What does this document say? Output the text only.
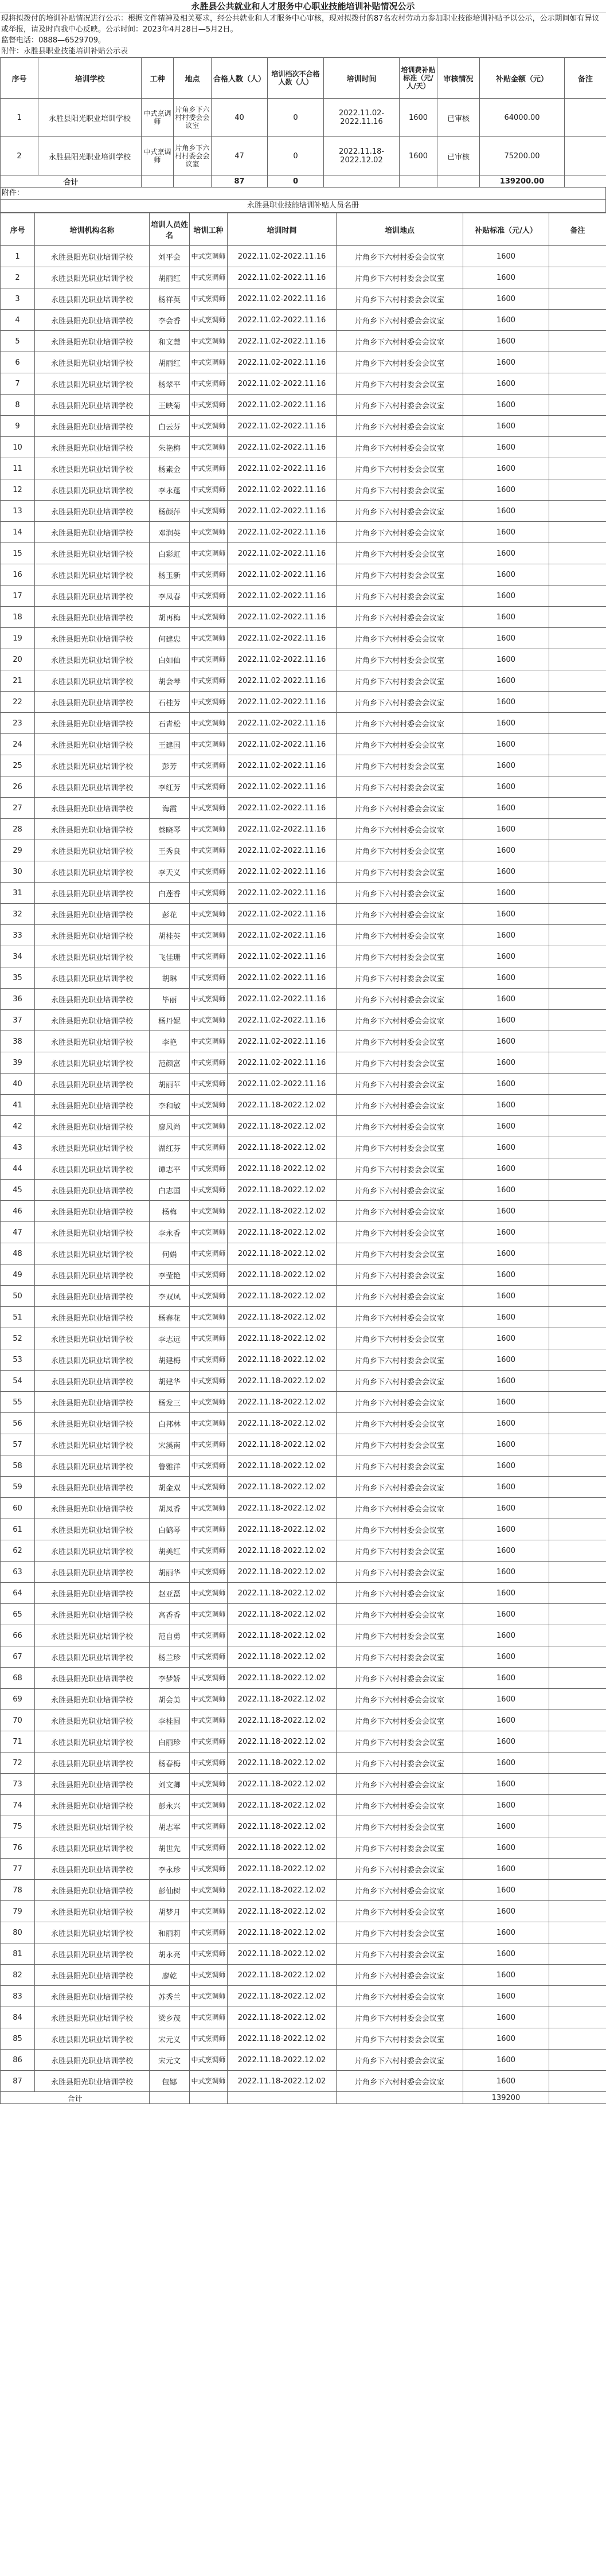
永胜县公共就业和人才服务中心职业技能培训补贴情况公示

现将拟拨付的培训补贴情况进行公示：根据文件精神及相关要求，经公共就业和人才服务中心审核，现对拟拨付的87名农村劳动力参加职业技能培训补贴予以公示，公示期间如有异议或举报，请及时向我中心反映。公示时间：2023年4月28日—5月2日。

监督电话：0888—6529709。

附件：永胜县职业技能培训补贴公示表

序号	培训学校	工种	地点	合格人数（人）	培训档次不合格人数（人）	培训时间	培训费补贴标准（元/人/天）	审核情况	补贴金额（元）	备注
1	永胜县阳光职业培训学校	中式烹调师	片角乡下六村村委会会议室	40	0	2022.11.02-2022.11.16	1600	已审核	64000.00	
2	永胜县阳光职业培训学校	中式烹调师	片角乡下六村村委会会议室	47	0	2022.11.18-2022.12.02	1600	已审核	75200.00	
合计				87	0				139200.00	
附件：
永胜县职业技能培训补贴人员名册
序号	培训机构名称	培训人员姓名	培训工种	培训时间	培训地点	补贴标准（元/人）	备注
1	永胜县阳光职业培训学校	刘平会	中式烹调师	2022.11.02-2022.11.16	片角乡下六村村委会会议室	1600	
2	永胜县阳光职业培训学校	胡丽红	中式烹调师	2022.11.02-2022.11.16	片角乡下六村村委会会议室	1600	
3	永胜县阳光职业培训学校	杨祥英	中式烹调师	2022.11.02-2022.11.16	片角乡下六村村委会会议室	1600	
4	永胜县阳光职业培训学校	李会香	中式烹调师	2022.11.02-2022.11.16	片角乡下六村村委会会议室	1600	
5	永胜县阳光职业培训学校	和文慧	中式烹调师	2022.11.02-2022.11.16	片角乡下六村村委会会议室	1600	
6	永胜县阳光职业培训学校	胡丽红	中式烹调师	2022.11.02-2022.11.16	片角乡下六村村委会会议室	1600	
7	永胜县阳光职业培训学校	杨翠平	中式烹调师	2022.11.02-2022.11.16	片角乡下六村村委会会议室	1600	
8	永胜县阳光职业培训学校	王映菊	中式烹调师	2022.11.02-2022.11.16	片角乡下六村村委会会议室	1600	
9	永胜县阳光职业培训学校	白云芬	中式烹调师	2022.11.02-2022.11.16	片角乡下六村村委会会议室	1600	
10	永胜县阳光职业培训学校	朱艳梅	中式烹调师	2022.11.02-2022.11.16	片角乡下六村村委会会议室	1600	
11	永胜县阳光职业培训学校	杨素金	中式烹调师	2022.11.02-2022.11.16	片角乡下六村村委会会议室	1600	
12	永胜县阳光职业培训学校	李永蓬	中式烹调师	2022.11.02-2022.11.16	片角乡下六村村委会会议室	1600	
13	永胜县阳光职业培训学校	杨颜萍	中式烹调师	2022.11.02-2022.11.16	片角乡下六村村委会会议室	1600	
14	永胜县阳光职业培训学校	邓润英	中式烹调师	2022.11.02-2022.11.16	片角乡下六村村委会会议室	1600	
15	永胜县阳光职业培训学校	白彩虹	中式烹调师	2022.11.02-2022.11.16	片角乡下六村村委会会议室	1600	
16	永胜县阳光职业培训学校	杨玉新	中式烹调师	2022.11.02-2022.11.16	片角乡下六村村委会会议室	1600	
17	永胜县阳光职业培训学校	李凤春	中式烹调师	2022.11.02-2022.11.16	片角乡下六村村委会会议室	1600	
18	永胜县阳光职业培训学校	胡再梅	中式烹调师	2022.11.02-2022.11.16	片角乡下六村村委会会议室	1600	
19	永胜县阳光职业培训学校	何建忠	中式烹调师	2022.11.02-2022.11.16	片角乡下六村村委会会议室	1600	
20	永胜县阳光职业培训学校	白如仙	中式烹调师	2022.11.02-2022.11.16	片角乡下六村村委会会议室	1600	
21	永胜县阳光职业培训学校	胡会琴	中式烹调师	2022.11.02-2022.11.16	片角乡下六村村委会会议室	1600	
22	永胜县阳光职业培训学校	石桂芳	中式烹调师	2022.11.02-2022.11.16	片角乡下六村村委会会议室	1600	
23	永胜县阳光职业培训学校	石青松	中式烹调师	2022.11.02-2022.11.16	片角乡下六村村委会会议室	1600	
24	永胜县阳光职业培训学校	王建国	中式烹调师	2022.11.02-2022.11.16	片角乡下六村村委会会议室	1600	
25	永胜县阳光职业培训学校	彭芳	中式烹调师	2022.11.02-2022.11.16	片角乡下六村村委会会议室	1600	
26	永胜县阳光职业培训学校	李红芳	中式烹调师	2022.11.02-2022.11.16	片角乡下六村村委会会议室	1600	
27	永胜县阳光职业培训学校	海霞	中式烹调师	2022.11.02-2022.11.16	片角乡下六村村委会会议室	1600	
28	永胜县阳光职业培训学校	蔡晓琴	中式烹调师	2022.11.02-2022.11.16	片角乡下六村村委会会议室	1600	
29	永胜县阳光职业培训学校	王秀良	中式烹调师	2022.11.02-2022.11.16	片角乡下六村村委会会议室	1600	
30	永胜县阳光职业培训学校	李天义	中式烹调师	2022.11.02-2022.11.16	片角乡下六村村委会会议室	1600	
31	永胜县阳光职业培训学校	白莲香	中式烹调师	2022.11.02-2022.11.16	片角乡下六村村委会会议室	1600	
32	永胜县阳光职业培训学校	彭花	中式烹调师	2022.11.02-2022.11.16	片角乡下六村村委会会议室	1600	
33	永胜县阳光职业培训学校	胡桂英	中式烹调师	2022.11.02-2022.11.16	片角乡下六村村委会会议室	1600	
34	永胜县阳光职业培训学校	飞佳珊	中式烹调师	2022.11.02-2022.11.16	片角乡下六村村委会会议室	1600	
35	永胜县阳光职业培训学校	胡琳	中式烹调师	2022.11.02-2022.11.16	片角乡下六村村委会会议室	1600	
36	永胜县阳光职业培训学校	毕丽	中式烹调师	2022.11.02-2022.11.16	片角乡下六村村委会会议室	1600	
37	永胜县阳光职业培训学校	杨丹妮	中式烹调师	2022.11.02-2022.11.16	片角乡下六村村委会会议室	1600	
38	永胜县阳光职业培训学校	李艳	中式烹调师	2022.11.02-2022.11.16	片角乡下六村村委会会议室	1600	
39	永胜县阳光职业培训学校	范颜富	中式烹调师	2022.11.02-2022.11.16	片角乡下六村村委会会议室	1600	
40	永胜县阳光职业培训学校	胡丽苹	中式烹调师	2022.11.02-2022.11.16	片角乡下六村村委会会议室	1600	
41	永胜县阳光职业培训学校	李和敏	中式烹调师	2022.11.18-2022.12.02	片角乡下六村村委会会议室	1600	
42	永胜县阳光职业培训学校	廖风尚	中式烹调师	2022.11.18-2022.12.02	片角乡下六村村委会会议室	1600	
43	永胜县阳光职业培训学校	湖红芬	中式烹调师	2022.11.18-2022.12.02	片角乡下六村村委会会议室	1600	
44	永胜县阳光职业培训学校	谭志平	中式烹调师	2022.11.18-2022.12.02	片角乡下六村村委会会议室	1600	
45	永胜县阳光职业培训学校	白志国	中式烹调师	2022.11.18-2022.12.02	片角乡下六村村委会会议室	1600	
46	永胜县阳光职业培训学校	杨梅	中式烹调师	2022.11.18-2022.12.02	片角乡下六村村委会会议室	1600	
47	永胜县阳光职业培训学校	李永香	中式烹调师	2022.11.18-2022.12.02	片角乡下六村村委会会议室	1600	
48	永胜县阳光职业培训学校	何娟	中式烹调师	2022.11.18-2022.12.02	片角乡下六村村委会会议室	1600	
49	永胜县阳光职业培训学校	李莹艳	中式烹调师	2022.11.18-2022.12.02	片角乡下六村村委会会议室	1600	
50	永胜县阳光职业培训学校	李双凤	中式烹调师	2022.11.18-2022.12.02	片角乡下六村村委会会议室	1600	
51	永胜县阳光职业培训学校	杨春花	中式烹调师	2022.11.18-2022.12.02	片角乡下六村村委会会议室	1600	
52	永胜县阳光职业培训学校	李志远	中式烹调师	2022.11.18-2022.12.02	片角乡下六村村委会会议室	1600	
53	永胜县阳光职业培训学校	胡建梅	中式烹调师	2022.11.18-2022.12.02	片角乡下六村村委会会议室	1600	
54	永胜县阳光职业培训学校	胡建华	中式烹调师	2022.11.18-2022.12.02	片角乡下六村村委会会议室	1600	
55	永胜县阳光职业培训学校	杨发三	中式烹调师	2022.11.18-2022.12.02	片角乡下六村村委会会议室	1600	
56	永胜县阳光职业培训学校	白邦林	中式烹调师	2022.11.18-2022.12.02	片角乡下六村村委会会议室	1600	
57	永胜县阳光职业培训学校	宋溪南	中式烹调师	2022.11.18-2022.12.02	片角乡下六村村委会会议室	1600	
58	永胜县阳光职业培训学校	鲁雅洋	中式烹调师	2022.11.18-2022.12.02	片角乡下六村村委会会议室	1600	
59	永胜县阳光职业培训学校	胡金双	中式烹调师	2022.11.18-2022.12.02	片角乡下六村村委会会议室	1600	
60	永胜县阳光职业培训学校	胡凤香	中式烹调师	2022.11.18-2022.12.02	片角乡下六村村委会会议室	1600	
61	永胜县阳光职业培训学校	白鹤琴	中式烹调师	2022.11.18-2022.12.02	片角乡下六村村委会会议室	1600	
62	永胜县阳光职业培训学校	胡美红	中式烹调师	2022.11.18-2022.12.02	片角乡下六村村委会会议室	1600	
63	永胜县阳光职业培训学校	胡丽华	中式烹调师	2022.11.18-2022.12.02	片角乡下六村村委会会议室	1600	
64	永胜县阳光职业培训学校	赵亚磊	中式烹调师	2022.11.18-2022.12.02	片角乡下六村村委会会议室	1600	
65	永胜县阳光职业培训学校	高香香	中式烹调师	2022.11.18-2022.12.02	片角乡下六村村委会会议室	1600	
66	永胜县阳光职业培训学校	范自勇	中式烹调师	2022.11.18-2022.12.02	片角乡下六村村委会会议室	1600	
67	永胜县阳光职业培训学校	杨兰珍	中式烹调师	2022.11.18-2022.12.02	片角乡下六村村委会会议室	1600	
68	永胜县阳光职业培训学校	李梦娇	中式烹调师	2022.11.18-2022.12.02	片角乡下六村村委会会议室	1600	
69	永胜县阳光职业培训学校	胡会美	中式烹调师	2022.11.18-2022.12.02	片角乡下六村村委会会议室	1600	
70	永胜县阳光职业培训学校	李桂圆	中式烹调师	2022.11.18-2022.12.02	片角乡下六村村委会会议室	1600	
71	永胜县阳光职业培训学校	白丽珍	中式烹调师	2022.11.18-2022.12.02	片角乡下六村村委会会议室	1600	
72	永胜县阳光职业培训学校	杨春梅	中式烹调师	2022.11.18-2022.12.02	片角乡下六村村委会会议室	1600	
73	永胜县阳光职业培训学校	刘文卿	中式烹调师	2022.11.18-2022.12.02	片角乡下六村村委会会议室	1600	
74	永胜县阳光职业培训学校	彭永兴	中式烹调师	2022.11.18-2022.12.02	片角乡下六村村委会会议室	1600	
75	永胜县阳光职业培训学校	胡志军	中式烹调师	2022.11.18-2022.12.02	片角乡下六村村委会会议室	1600	
76	永胜县阳光职业培训学校	胡世先	中式烹调师	2022.11.18-2022.12.02	片角乡下六村村委会会议室	1600	
77	永胜县阳光职业培训学校	李永珍	中式烹调师	2022.11.18-2022.12.02	片角乡下六村村委会会议室	1600	
78	永胜县阳光职业培训学校	彭仙树	中式烹调师	2022.11.18-2022.12.02	片角乡下六村村委会会议室	1600	
79	永胜县阳光职业培训学校	胡梦月	中式烹调师	2022.11.18-2022.12.02	片角乡下六村村委会会议室	1600	
80	永胜县阳光职业培训学校	和丽莉	中式烹调师	2022.11.18-2022.12.02	片角乡下六村村委会会议室	1600	
81	永胜县阳光职业培训学校	胡永亮	中式烹调师	2022.11.18-2022.12.02	片角乡下六村村委会会议室	1600	
82	永胜县阳光职业培训学校	廖乾	中式烹调师	2022.11.18-2022.12.02	片角乡下六村村委会会议室	1600	
83	永胜县阳光职业培训学校	苏秀兰	中式烹调师	2022.11.18-2022.12.02	片角乡下六村村委会会议室	1600	
84	永胜县阳光职业培训学校	梁乡茂	中式烹调师	2022.11.18-2022.12.02	片角乡下六村村委会会议室	1600	
85	永胜县阳光职业培训学校	宋元义	中式烹调师	2022.11.18-2022.12.02	片角乡下六村村委会会议室	1600	
86	永胜县阳光职业培训学校	宋元文	中式烹调师	2022.11.18-2022.12.02	片角乡下六村村委会会议室	1600	
87	永胜县阳光职业培训学校	包娜	中式烹调师	2022.11.18-2022.12.02	片角乡下六村村委会会议室	1600	
合计						139200	
